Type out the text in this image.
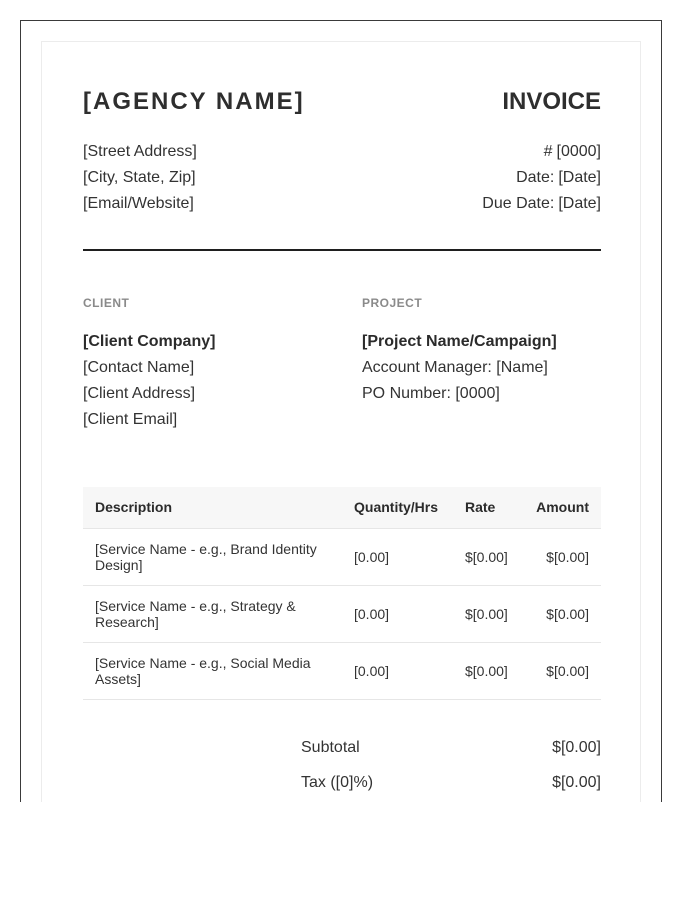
[AGENCY NAME]	INVOICE
[Street Address]
[City, State, Zip]
[Email/Website]
# [0000]
Date: [Date]
Due Date: [Date]
CLIENT	PROJECT
[Client Company]
[Contact Name]
[Client Address]
[Client Email]
[Project Name/Campaign]
Account Manager: [Name]
PO Number: [0000]
Description	Quantity/Hrs	Rate	Amount
[Service Name - e.g., Brand Identity Design]	[0.00]	$[0.00]	$[0.00]
[Service Name - e.g., Strategy & Research]	[0.00]	$[0.00]	$[0.00]
[Service Name - e.g., Social Media Assets]	[0.00]	$[0.00]	$[0.00]
Subtotal	$[0.00]
Tax ([0]%)	$[0.00]
